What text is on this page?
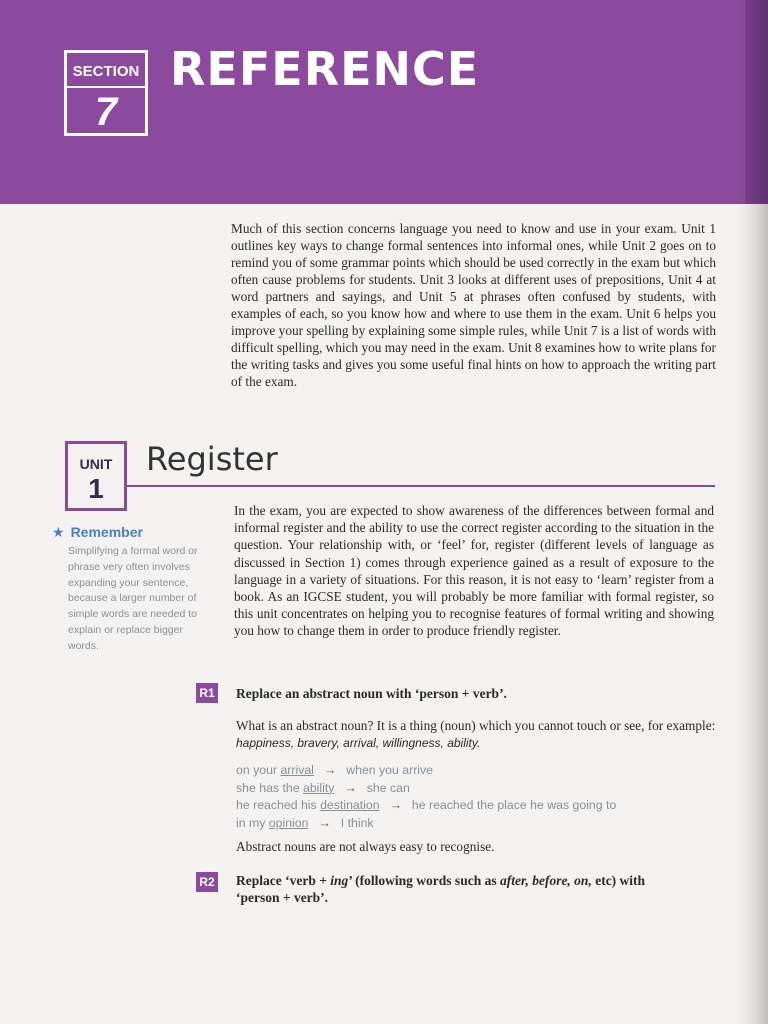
SECTION
7
REFERENCE
Much of this section concerns language you need to know and use in your exam. Unit 1 outlines key ways to change formal sentences into informal ones, while Unit 2 goes on to remind you of some grammar points which should be used correctly in the exam but which often cause problems for students. Unit 3 looks at different uses of prepositions, Unit 4 at word partners and sayings, and Unit 5 at phrases often confused by students, with examples of each, so you know how and where to use them in the exam. Unit 6 helps you improve your spelling by explaining some simple rules, while Unit 7 is a list of words with difficult spelling, which you may need in the exam. Unit 8 examines how to write plans for the writing tasks and gives you some useful final hints on how to approach the writing part of the exam.
UNIT
1
Register
★ Remember
Simplifying a formal word or phrase very often involves expanding your sentence, because a larger number of simple words are needed to explain or replace bigger words.
In the exam, you are expected to show awareness of the differences between formal and informal register and the ability to use the correct register according to the situation in the question. Your relationship with, or ‘feel’ for, register (different levels of language as discussed in Section 1) comes through experience gained as a result of exposure to the language in a variety of situations. For this reason, it is not easy to ‘learn’ register from a book. As an IGCSE student, you will probably be more familiar with formal register, so this unit concentrates on helping you to recognise features of formal writing and showing you how to change them in order to produce friendly register.
R1 Replace an abstract noun with ‘person + verb’.
What is an abstract noun? It is a thing (noun) which you cannot touch or see, for example: happiness, bravery, arrival, willingness, ability.
on your arrival → when you arrive
she has the ability → she can
he reached his destination → he reached the place he was going to
in my opinion → I think
Abstract nouns are not always easy to recognise.
R2 Replace ‘verb + ing’ (following words such as after, before, on, etc) with
‘person + verb’.
